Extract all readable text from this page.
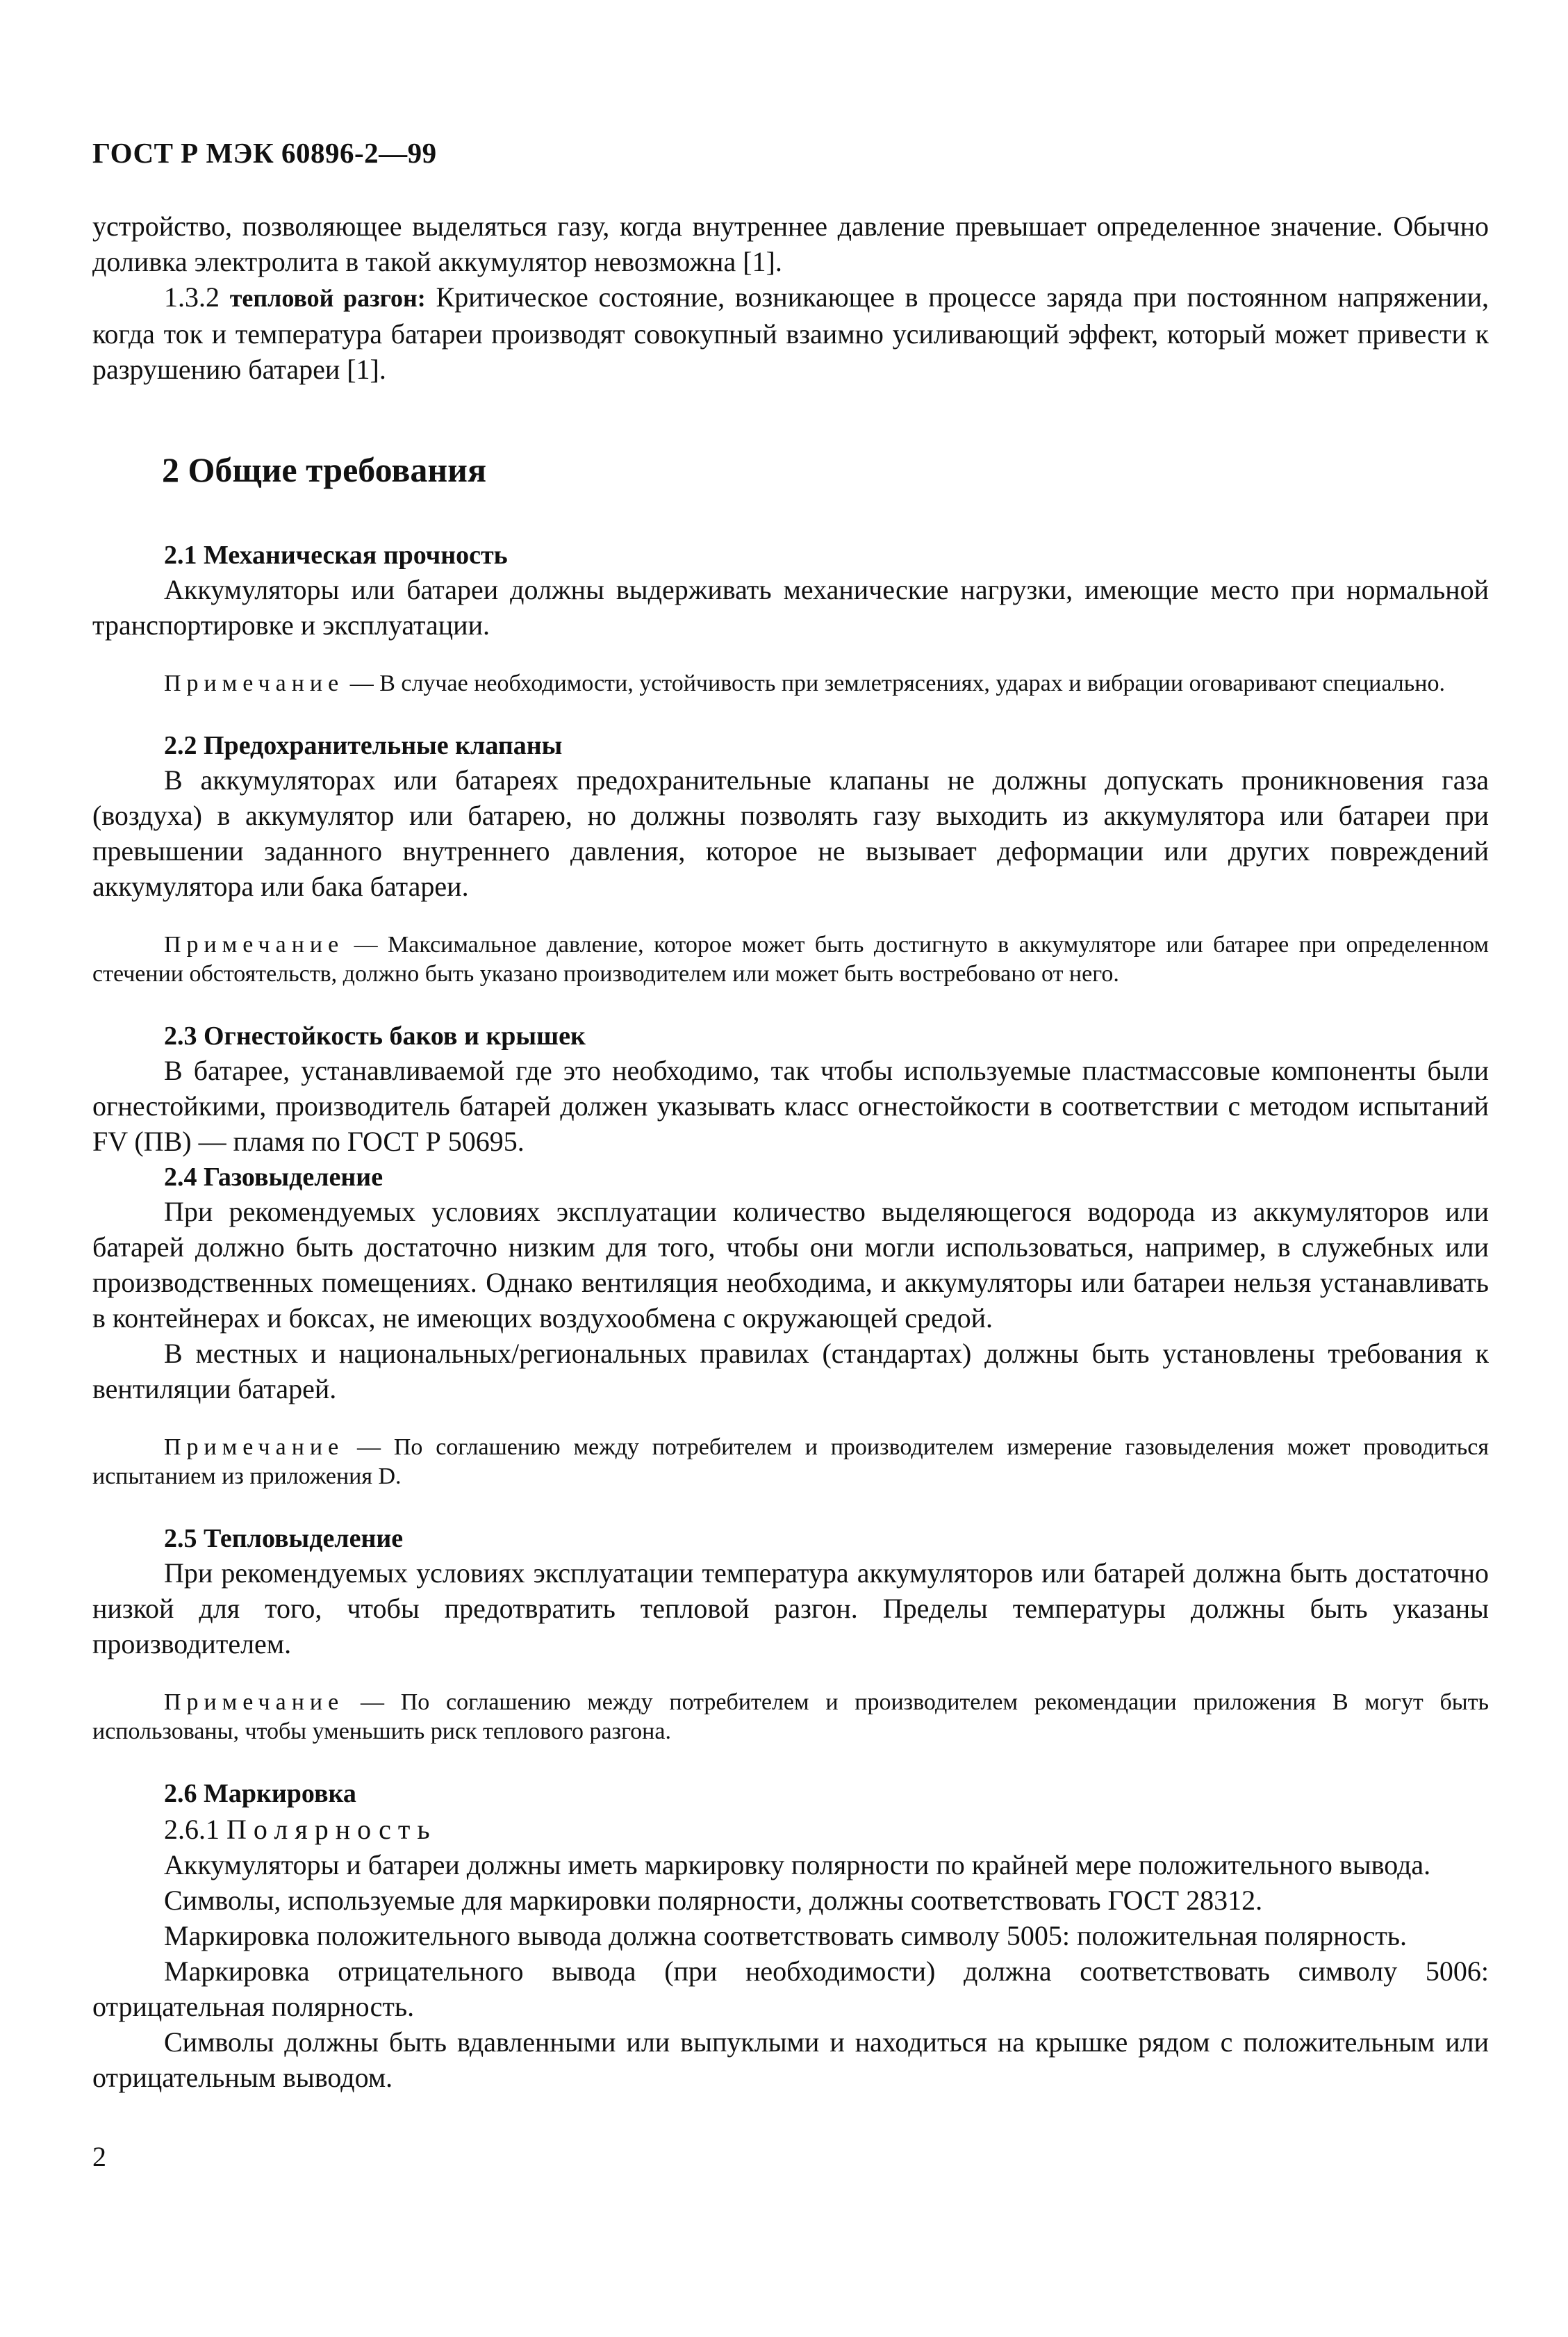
ГОСТ Р МЭК 60896-2—99

устройство, позволяющее выделяться газу, когда внутреннее давление превышает определенное значение. Обычно доливка электролита в такой аккумулятор невозможна [1].

1.3.2 тепловой разгон: Критическое состояние, возникающее в процессе заряда при постоянном напряжении, когда ток и температура батареи производят совокупный взаимно усиливающий эффект, который может привести к разрушению батареи [1].

2 Общие требования
2.1 Механическая прочность

Аккумуляторы или батареи должны выдерживать механические нагрузки, имеющие место при нормальной транспортировке и эксплуатации.

Примечание — В случае необходимости, устойчивость при землетрясениях, ударах и вибрации оговаривают специально.

2.2 Предохранительные клапаны

В аккумуляторах или батареях предохранительные клапаны не должны допускать проникновения газа (воздуха) в аккумулятор или батарею, но должны позволять газу выходить из аккумулятора или батареи при превышении заданного внутреннего давления, которое не вызывает деформации или других повреждений аккумулятора или бака батареи.

Примечание — Максимальное давление, которое может быть достигнуто в аккумуляторе или батарее при определенном стечении обстоятельств, должно быть указано производителем или может быть востребовано от него.

2.3 Огнестойкость баков и крышек

В батарее, устанавливаемой где это необходимо, так чтобы используемые пластмассовые компоненты были огнестойкими, производитель батарей должен указывать класс огнестойкости в соответствии с методом испытаний FV (ПВ) — пламя по ГОСТ Р 50695.

2.4 Газовыделение

При рекомендуемых условиях эксплуатации количество выделяющегося водорода из аккумуляторов или батарей должно быть достаточно низким для того, чтобы они могли использоваться, например, в служебных или производственных помещениях. Однако вентиляция необходима, и аккумуляторы или батареи нельзя устанавливать в контейнерах и боксах, не имеющих воздухообмена с окружающей средой.

В местных и национальных/региональных правилах (стандартах) должны быть установлены требования к вентиляции батарей.

Примечание — По соглашению между потребителем и производителем измерение газовыделения может проводиться испытанием из приложения D.

2.5 Тепловыделение

При рекомендуемых условиях эксплуатации температура аккумуляторов или батарей должна быть достаточно низкой для того, чтобы предотвратить тепловой разгон. Пределы температуры должны быть указаны производителем.

Примечание — По соглашению между потребителем и производителем рекомендации приложения В могут быть использованы, чтобы уменьшить риск теплового разгона.

2.6 Маркировка

2.6.1 Полярность

Аккумуляторы и батареи должны иметь маркировку полярности по крайней мере положительного вывода.

Символы, используемые для маркировки полярности, должны соответствовать ГОСТ 28312.

Маркировка положительного вывода должна соответствовать символу 5005: положительная полярность.

Маркировка отрицательного вывода (при необходимости) должна соответствовать символу 5006: отрицательная полярность.

Символы должны быть вдавленными или выпуклыми и находиться на крышке рядом с положительным или отрицательным выводом.

2
